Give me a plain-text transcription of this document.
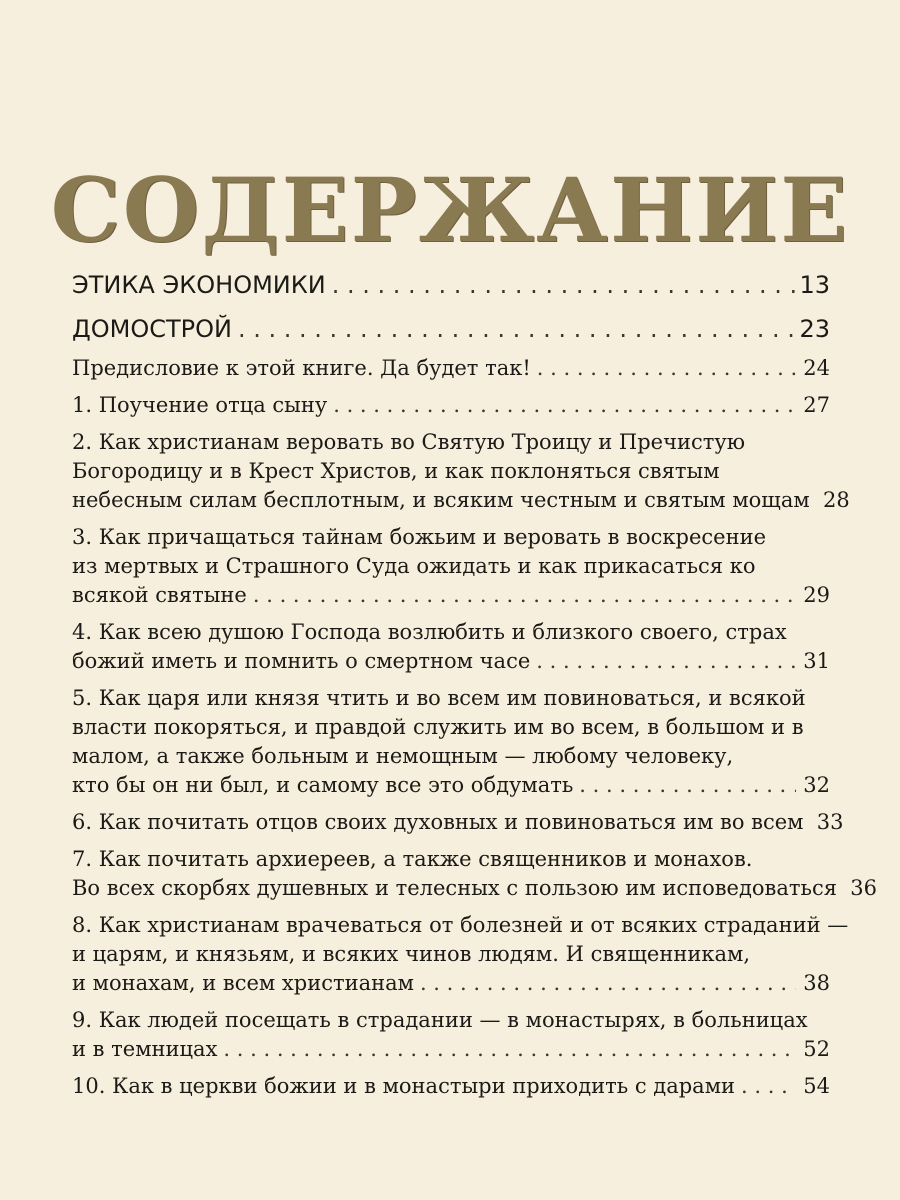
СОДЕРЖАНИЕ
ЭТИКА ЭКОНОМИКИ . . .	13
ДОМОСТРОЙ . . .	23
Предисловие к этой книге. Да будет так! . . .	24
1. Поучение отца сыну . . .	27
2. Как христианам веровать во Святую Троицу и Пречистую
Богородицу и в Крест Христов, и как поклоняться святым
небесным силам бесплотным, и всяким честным и святым мощам 28
3. Как причащаться тайнам божьим и веровать в воскресение
из мертвых и Страшного Суда ожидать и как прикасаться ко
всякой святыне . . .	29
4. Как всею душою Господа возлюбить и близкого своего, страх
божий иметь и помнить о смертном часе . . .	31
5. Как царя или князя чтить и во всем им повиноваться, и всякой
власти покоряться, и правдой служить им во всем, в большом и в
малом, а также больным и немощным — любому человеку,
кто бы он ни был, и самому все это обдумать . . .	32
6. Как почитать отцов своих духовных и повиноваться им во всем 33
7. Как почитать архиереев, а также священников и монахов.
Во всех скорбях душевных и телесных с пользою им исповедоваться 36
8. Как христианам врачеваться от болезней и от всяких страданий —
и царям, и князьям, и всяких чинов людям. И священникам,
и монахам, и всем христианам . . .	38
9. Как людей посещать в страдании — в монастырях, в больницах
и в темницах . . .	52
10. Как в церкви божии и в монастыри приходить с дарами . . .	54
